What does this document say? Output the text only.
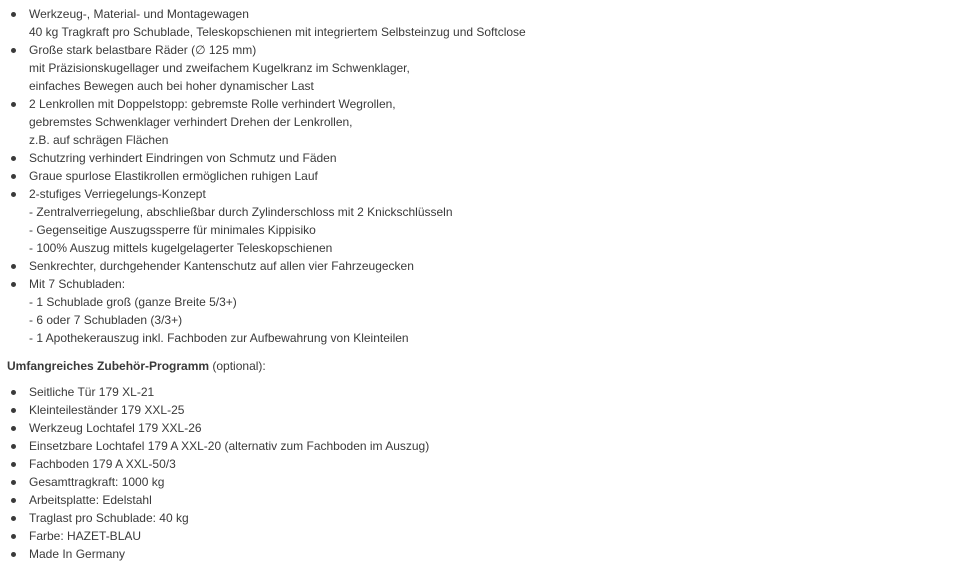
Werkzeug-, Material- und Montagewagen
40 kg Tragkraft pro Schublade, Teleskopschienen mit integriertem Selbsteinzug und Softclose
Große stark belastbare Räder (∅ 125 mm)
mit Präzisionskugellager und zweifachem Kugelkranz im Schwenklager,
einfaches Bewegen auch bei hoher dynamischer Last
2 Lenkrollen mit Doppelstopp: gebremste Rolle verhindert Wegrollen,
gebremstes Schwenklager verhindert Drehen der Lenkrollen,
z.B. auf schrägen Flächen
Schutzring verhindert Eindringen von Schmutz und Fäden
Graue spurlose Elastikrollen ermöglichen ruhigen Lauf
2-stufiges Verriegelungs-Konzept
- Zentralverriegelung, abschließbar durch Zylinderschloss mit 2 Knickschlüsseln
- Gegenseitige Auszugssperre für minimales Kippisiko
- 100% Auszug mittels kugelgelagerter Teleskopschienen
Senkrechter, durchgehender Kantenschutz auf allen vier Fahrzeugecken
Mit 7 Schubladen:
- 1 Schublade groß (ganze Breite 5/3+)
- 6 oder 7 Schubladen (3/3+)
- 1 Apothekerauszug inkl. Fachboden zur Aufbewahrung von Kleinteilen
Umfangreiches Zubehör-Programm (optional):
Seitliche Tür 179 XL-21
Kleinteileständer 179 XXL-25
Werkzeug Lochtafel 179 XXL-26
Einsetzbare Lochtafel 179 A XXL-20 (alternativ zum Fachboden im Auszug)
Fachboden 179 A XXL-50/3
Gesamttragkraft: 1000 kg
Arbeitsplatte: Edelstahl
Traglast pro Schublade: 40 kg
Farbe: HAZET-BLAU
Made In Germany
